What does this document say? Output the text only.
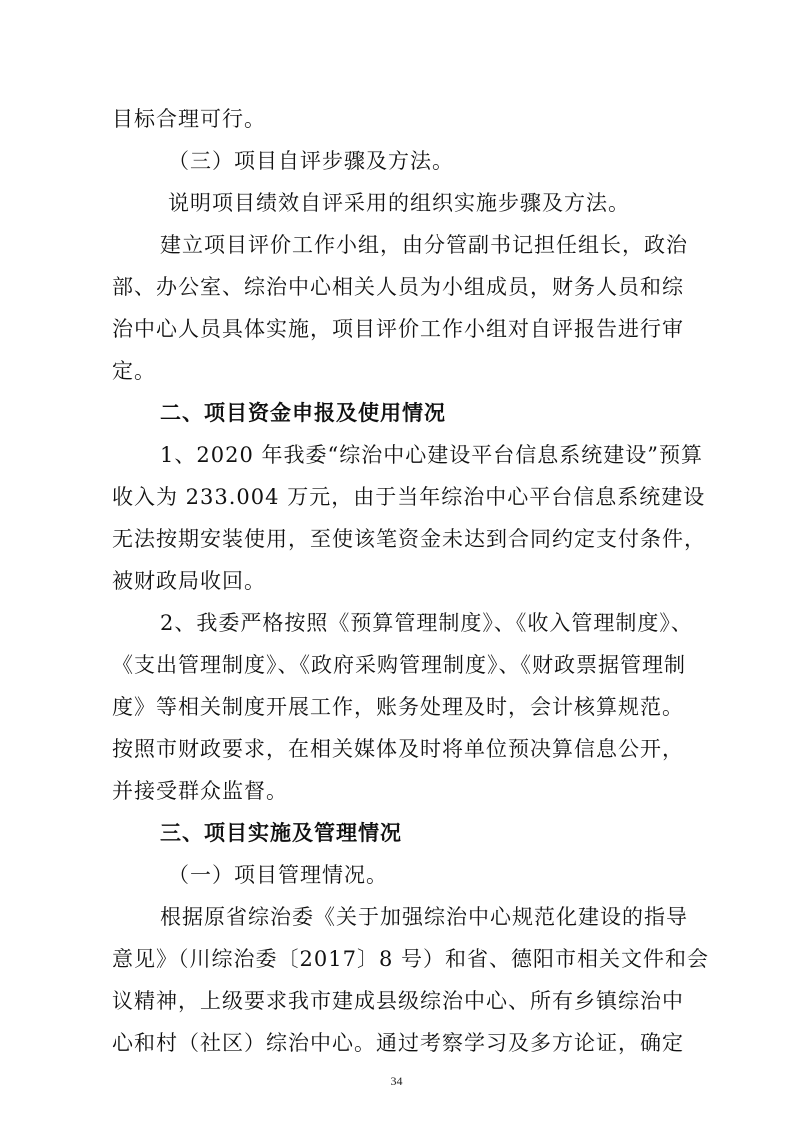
目标合理可行。
（三）项目自评步骤及方法。
说明项目绩效自评采用的组织实施步骤及方法。
建立项目评价工作小组，由分管副书记担任组长，政治
部、办公室、综治中心相关人员为小组成员，财务人员和综
治中心人员具体实施，项目评价工作小组对自评报告进行审
定。
二、项目资金申报及使用情况
1、2020 年我委“综治中心建设平台信息系统建设”预算
收入为 233.004 万元，由于当年综治中心平台信息系统建设
无法按期安装使用，至使该笔资金未达到合同约定支付条件，
被财政局收回。
2、我委严格按照《预算管理制度》、《收入管理制度》、
《支出管理制度》、《政府采购管理制度》、《财政票据管理制
度》等相关制度开展工作，账务处理及时，会计核算规范。
按照市财政要求，在相关媒体及时将单位预决算信息公开，
并接受群众监督。
三、项目实施及管理情况
（一）项目管理情况。
根据原省综治委《关于加强综治中心规范化建设的指导
意见》（川综治委〔2017〕8 号）和省、德阳市相关文件和会
议精神，上级要求我市建成县级综治中心、所有乡镇综治中
心和村（社区）综治中心。通过考察学习及多方论证，确定
34
